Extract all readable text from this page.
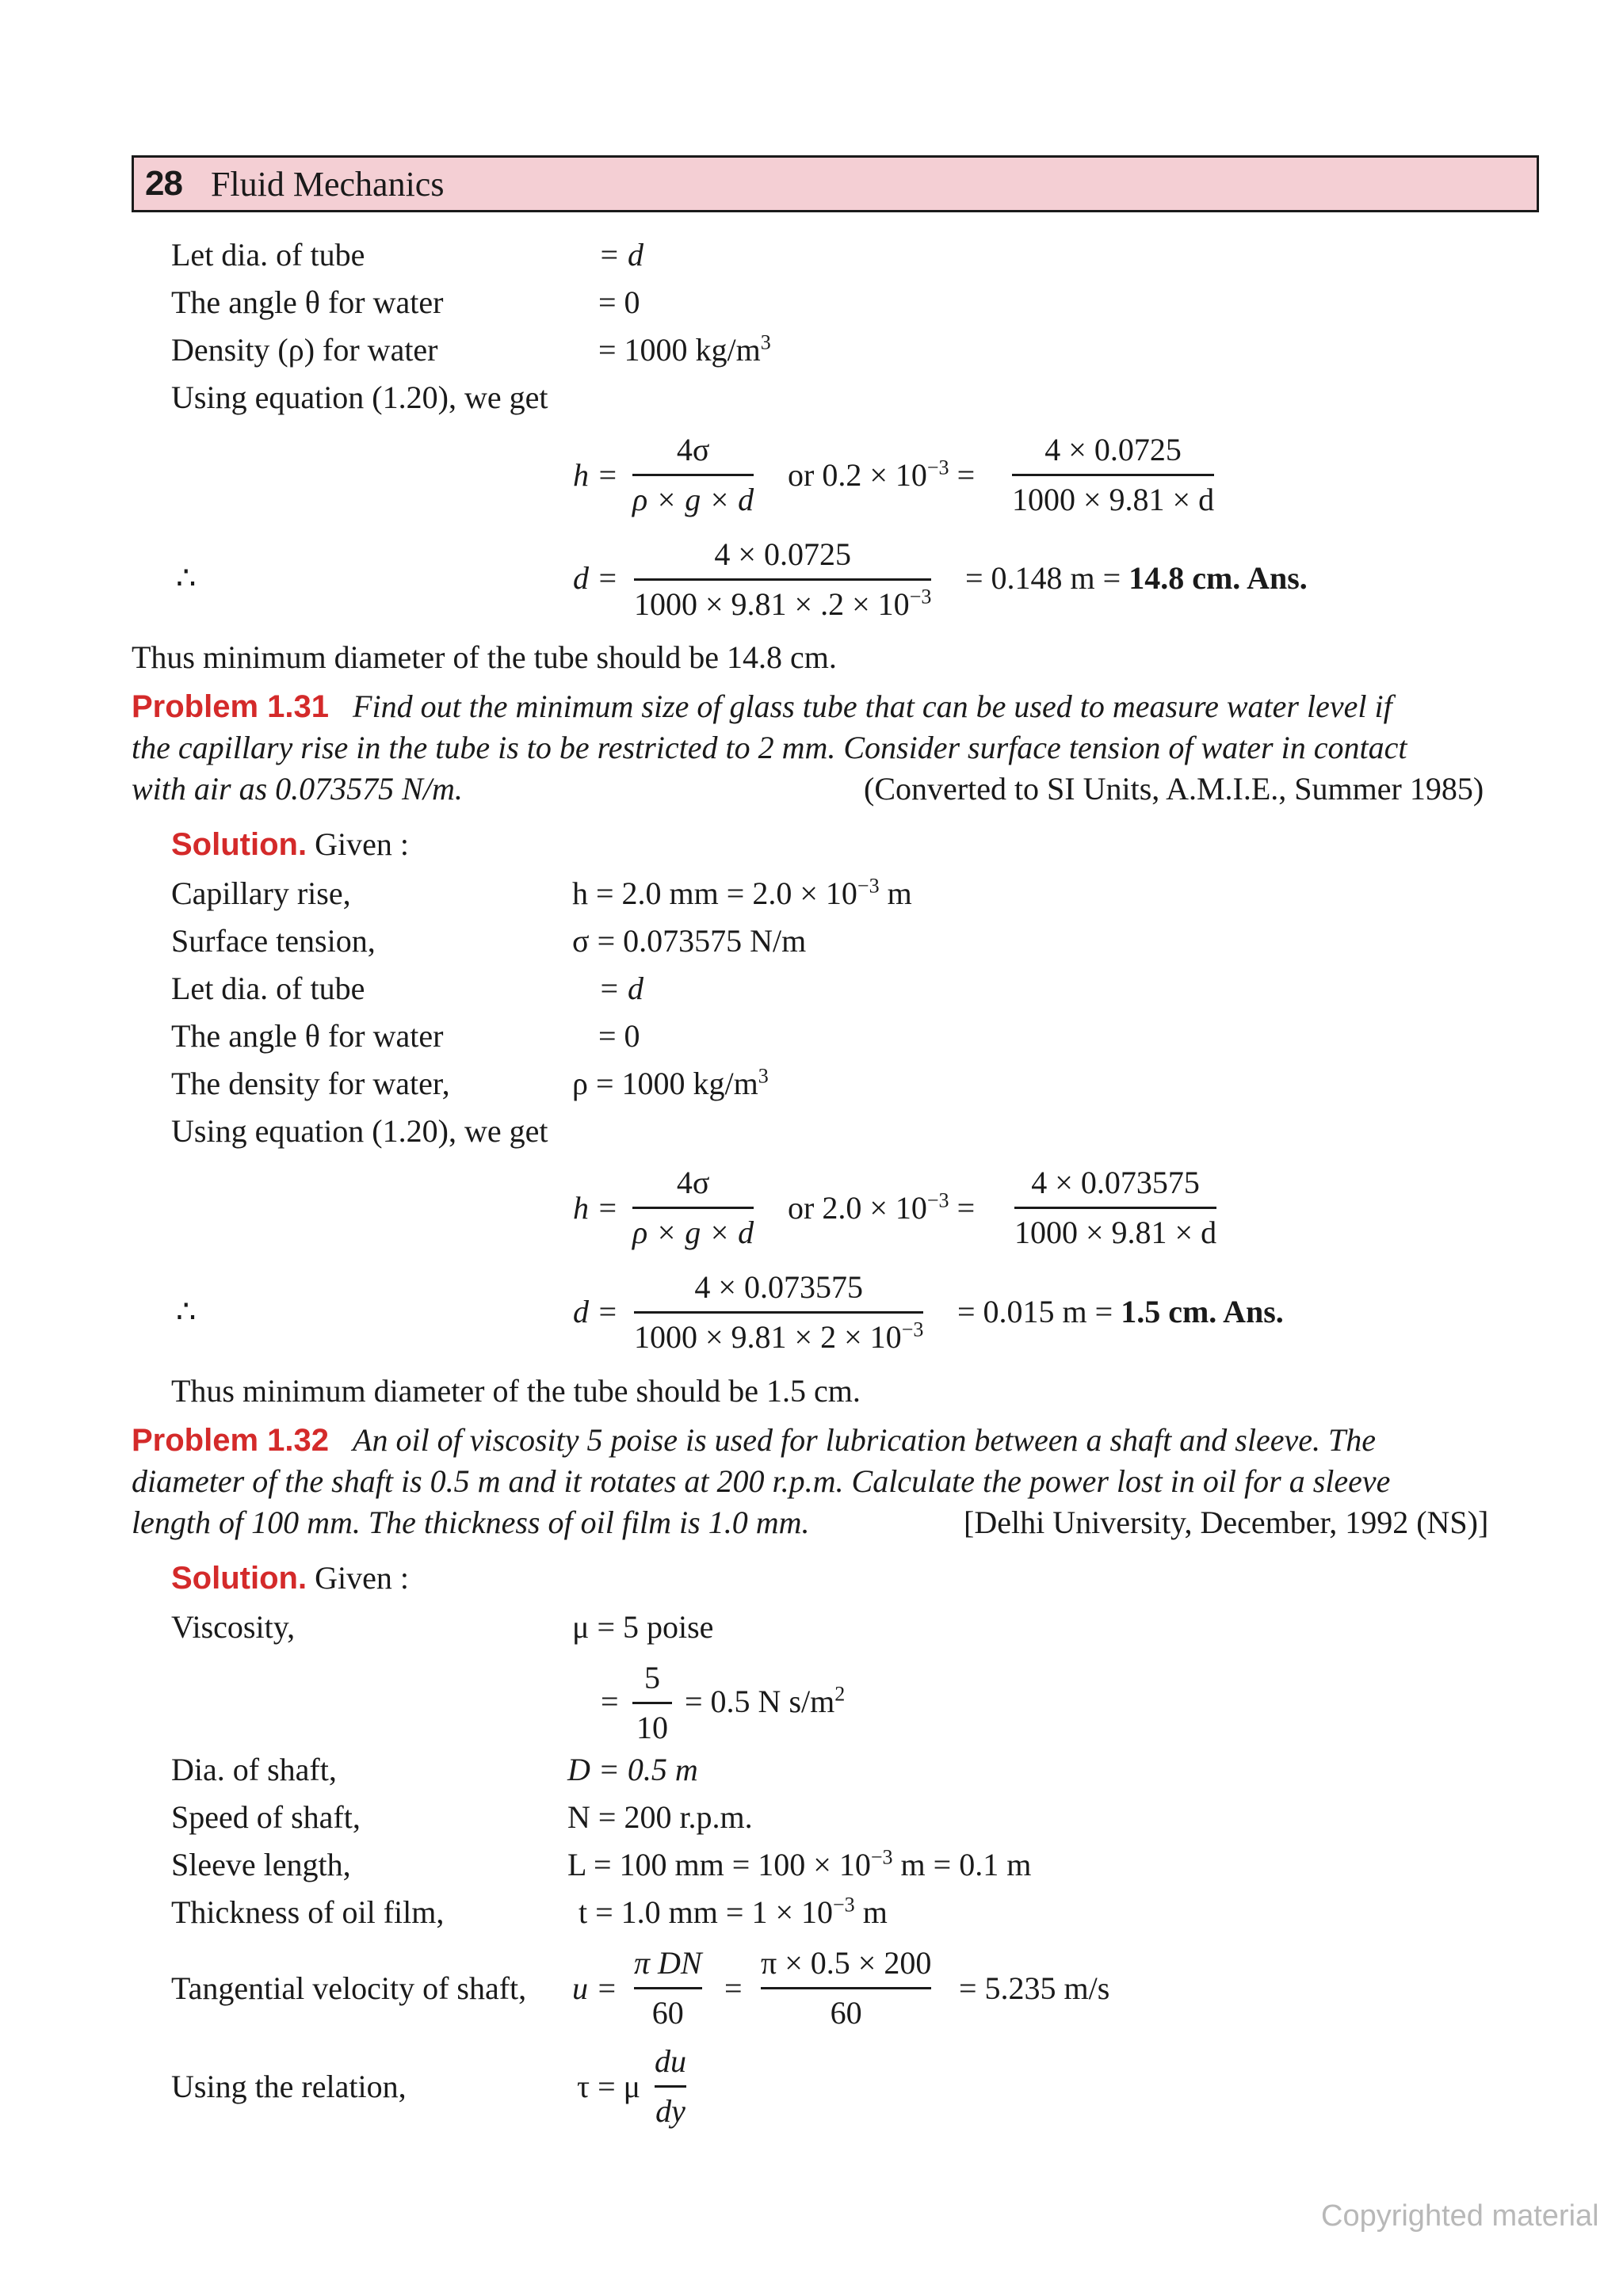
28 Fluid Mechanics
Let dia. of tube	= d
The angle θ for water	= 0
Density (ρ) for water	= 1000 $kg/m^3$
Using equation (1.20), we get
h =
4σ
ρ × g × d
or $0.2 \times 10^{-3}$ =
4 × 0.0725
1000 × 9.81 × d
∴	d =
4 × 0.0725
$1000 \times 9.81 \times .2 \times 10^{-3}$
= 0.148 m = 14.8 cm. Ans.
Thus minimum diameter of the tube should be 14.8 cm.
Problem 1.31 Find out the minimum size of glass tube that can be used to measure water level if
the capillary rise in the tube is to be restricted to 2 mm. Consider surface tension of water in contact
with air as 0.073575 N/m.	(Converted to SI Units, A.M.I.E., Summer 1985)
Solution. Given :
Capillary rise,	h = 2.0 mm = $2.0 \times 10^{-3}$ m
Surface tension,	σ = 0.073575 N/m
Let dia. of tube	= d
The angle θ for water	= 0
The density for water,	ρ = 1000 $kg/m^3$
Using equation (1.20), we get
h =
4σ
ρ × g × d
or $2.0 \times 10^{-3}$ =
4 × 0.073575
1000 × 9.81 × d
∴	d =
4 × 0.073575
$1000 \times 9.81 \times 2 \times 10^{-3}$
= 0.015 m = 1.5 cm. Ans.
Thus minimum diameter of the tube should be 1.5 cm.
Problem 1.32 An oil of viscosity 5 poise is used for lubrication between a shaft and sleeve. The
diameter of the shaft is 0.5 m and it rotates at 200 r.p.m. Calculate the power lost in oil for a sleeve
length of 100 mm. The thickness of oil film is 1.0 mm.	[Delhi University, December, 1992 (NS)]
Solution. Given :
Viscosity,	μ = 5 poise
=
5
10
= 0.5 N $s/m^2$
Dia. of shaft,	D = 0.5 m
Speed of shaft,	N = 200 r.p.m.
Sleeve length,	L = 100 mm = $100 \times 10^{-3}$ m = 0.1 m
Thickness of oil film,	t = 1.0 mm = $1 \times 10^{-3}$ m
Tangential velocity of shaft, u =
π DN
60
=
π × 0.5 × 200
60
= 5.235 m/s
Using the relation,	τ = μ
du
dy
Copyrighted material
